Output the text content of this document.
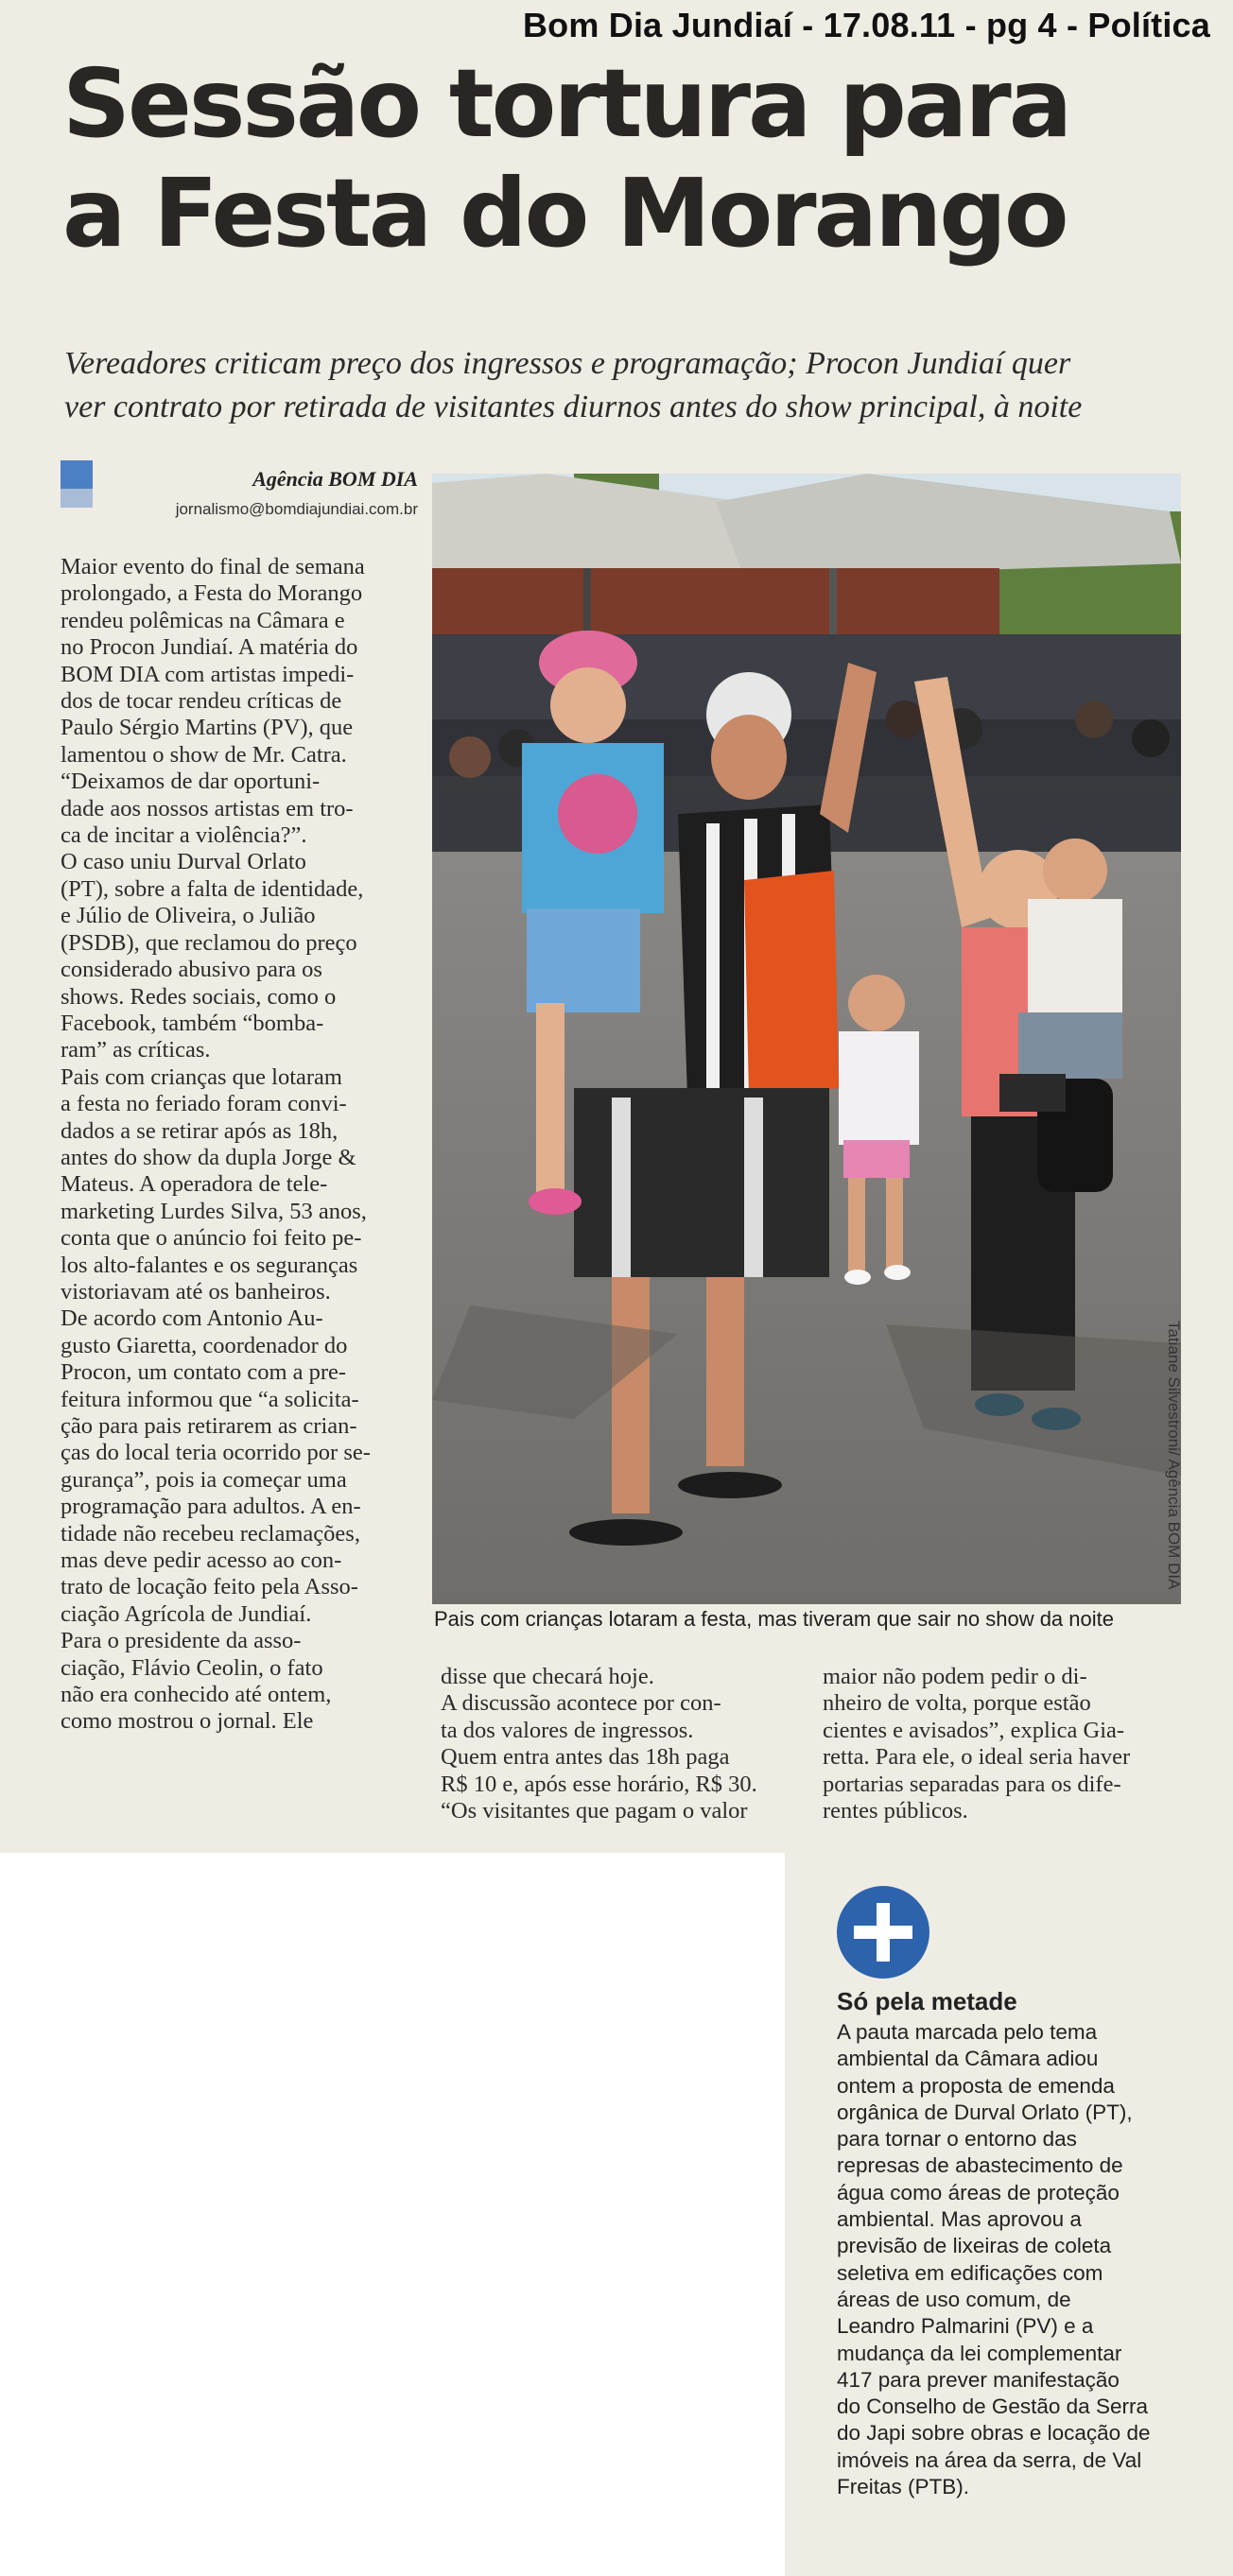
Bom Dia Jundiaí - 17.08.11 - pg 4 - Política
Sessão tortura para
a Festa do Morango
Vereadores criticam preço dos ingressos e programação; Procon Jundiaí quer
ver contrato por retirada de visitantes diurnos antes do show principal, à noite
Agência BOM DIA
jornalismo@bomdiajundiai.com.br

Maior evento do final de semana

prolongado, a Festa do Morango

rendeu polêmicas na Câmara e

no Procon Jundiaí. A matéria do

BOM DIA com artistas impedi-

dos de tocar rendeu críticas de

Paulo Sérgio Martins (PV), que

lamentou o show de Mr. Catra.

“Deixamos de dar oportuni-

dade aos nossos artistas em tro-

ca de incitar a violência?”.

O caso uniu Durval Orlato

(PT), sobre a falta de identidade,

e Júlio de Oliveira, o Julião

(PSDB), que reclamou do preço

considerado abusivo para os

shows. Redes sociais, como o

Facebook, também “bomba-

ram” as críticas.

Pais com crianças que lotaram

a festa no feriado foram convi-

dados a se retirar após as 18h,

antes do show da dupla Jorge &

Mateus. A operadora de tele-

marketing Lurdes Silva, 53 anos,

conta que o anúncio foi feito pe-

los alto-falantes e os seguranças

vistoriavam até os banheiros.

De acordo com Antonio Au-

gusto Giaretta, coordenador do

Procon, um contato com a pre-

feitura informou que “a solicita-

ção para pais retirarem as crian-

ças do local teria ocorrido por se-

gurança”, pois ia começar uma

programação para adultos. A en-

tidade não recebeu reclamações,

mas deve pedir acesso ao con-

trato de locação feito pela Asso-

ciação Agrícola de Jundiaí.

Para o presidente da asso-

ciação, Flávio Ceolin, o fato

não era conhecido até ontem,

como mostrou o jornal. Ele

disse que checará hoje.

A discussão acontece por con-

ta dos valores de ingressos.

Quem entra antes das 18h paga

R$ 10 e, após esse horário, R$ 30.

“Os visitantes que pagam o valor

maior não podem pedir o di-

nheiro de volta, porque estão

cientes e avisados”, explica Gia-

retta. Para ele, o ideal seria haver

portarias separadas para os dife-

rentes públicos.

Tatiane Silvestroni/ Agência BOM DIA
Pais com crianças lotaram a festa, mas tiveram que sair no show da noite
Só pela metade

A pauta marcada pelo tema

ambiental da Câmara adiou

ontem a proposta de emenda

orgânica de Durval Orlato (PT),

para tornar o entorno das

represas de abastecimento de

água como áreas de proteção

ambiental. Mas aprovou a

previsão de lixeiras de coleta

seletiva em edificações com

áreas de uso comum, de

Leandro Palmarini (PV) e a

mudança da lei complementar

417 para prever manifestação

do Conselho de Gestão da Serra

do Japi sobre obras e locação de

imóveis na área da serra, de Val

Freitas (PTB).
